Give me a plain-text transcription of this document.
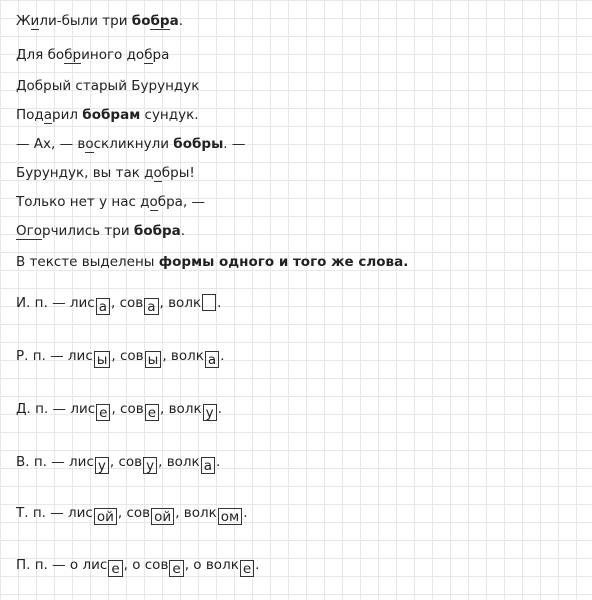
Жили-были три бобра.
Для бобриного добра
Добрый старый Бурундук
Подарил бобрам сундук.
— Ах, — воскликнули бобры. —
Бурундук, вы так добры!
Только нет у нас добра, —
Огорчились три бобра.
В тексте выделены формы одного и того же слова.
И. п. — лис а , сов а , волк .
Р. п. — лис ы , сов ы , волк а .
Д. п. — лис е , сов е , волк у .
В. п. — лис у , сов у , волк а .
Т. п. — лис ой , сов ой , волк ом .
П. п. — о лис е , о сов е , о волк е .
